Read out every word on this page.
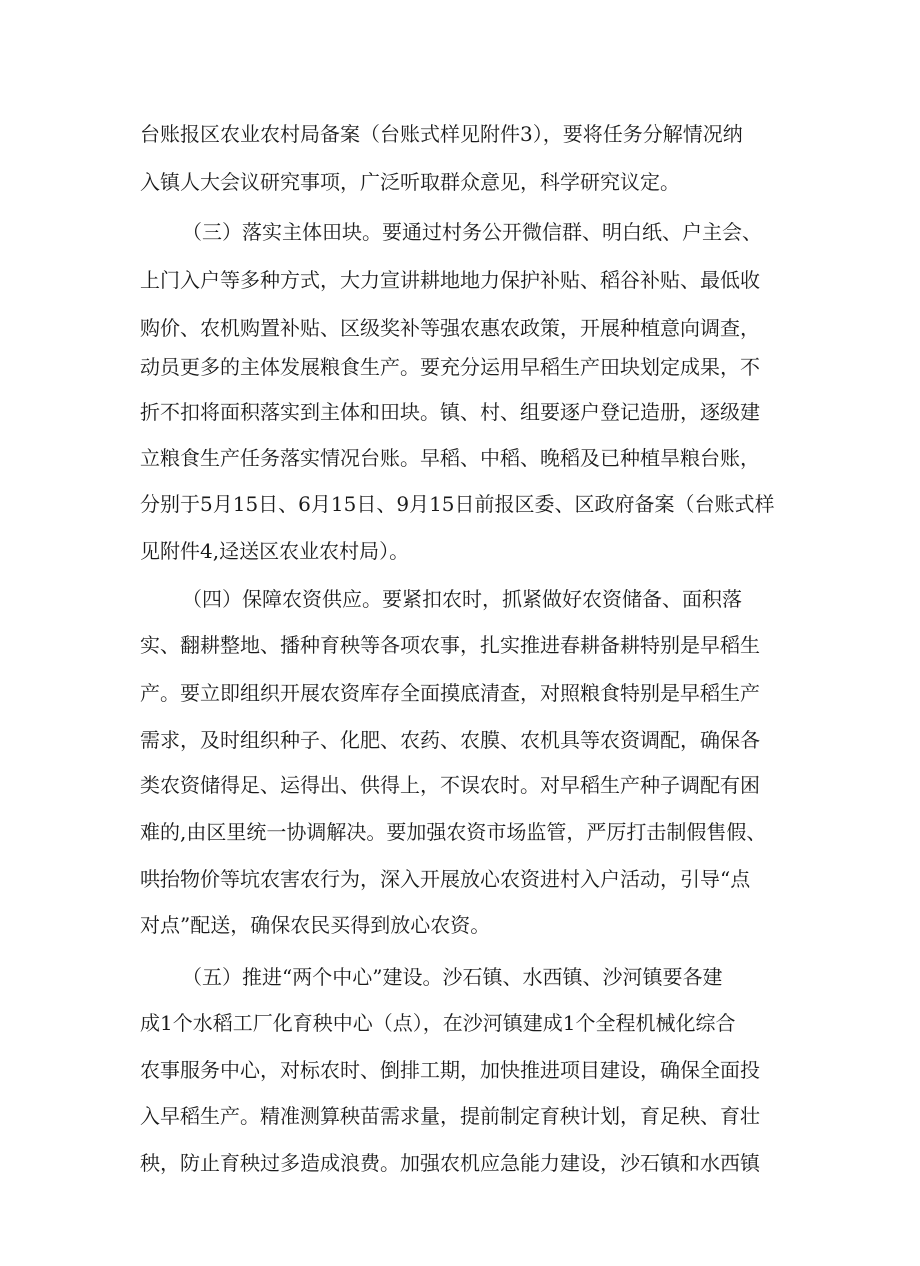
台账报区农业农村局备案（台账式样见附件3），要将任务分解情况纳

入镇人大会议研究事项，广泛听取群众意见，科学研究议定。

（三）落实主体田块。要通过村务公开微信群、明白纸、户主会、

上门入户等多种方式，大力宣讲耕地地力保护补贴、稻谷补贴、最低收

购价、农机购置补贴、区级奖补等强农惠农政策，开展种植意向调查，

动员更多的主体发展粮食生产。要充分运用早稻生产田块划定成果，不

折不扣将面积落实到主体和田块。镇、村、组要逐户登记造册，逐级建

立粮食生产任务落实情况台账。早稻、中稻、晚稻及已种植旱粮台账，

分别于5月15日、6月15日、9月15日前报区委、区政府备案（台账式样

见附件4,迳送区农业农村局）。

（四）保障农资供应。要紧扣农时，抓紧做好农资储备、面积落

实、翻耕整地、播种育秧等各项农事，扎实推进春耕备耕特别是早稻生

产。要立即组织开展农资库存全面摸底清查，对照粮食特别是早稻生产

需求，及时组织种子、化肥、农药、农膜、农机具等农资调配，确保各

类农资储得足、运得出、供得上，不误农时。对早稻生产种子调配有困

难的,由区里统一协调解决。要加强农资市场监管，严厉打击制假售假、

哄抬物价等坑农害农行为，深入开展放心农资进村入户活动，引导“点

对点”配送，确保农民买得到放心农资。

（五）推进“两个中心”建设。沙石镇、水西镇、沙河镇要各建

成1个水稻工厂化育秧中心（点），在沙河镇建成1个全程机械化综合

农事服务中心，对标农时、倒排工期，加快推进项目建设，确保全面投

入早稻生产。精准测算秧苗需求量，提前制定育秧计划，育足秧、育壮

秧，防止育秧过多造成浪费。加强农机应急能力建设，沙石镇和水西镇
